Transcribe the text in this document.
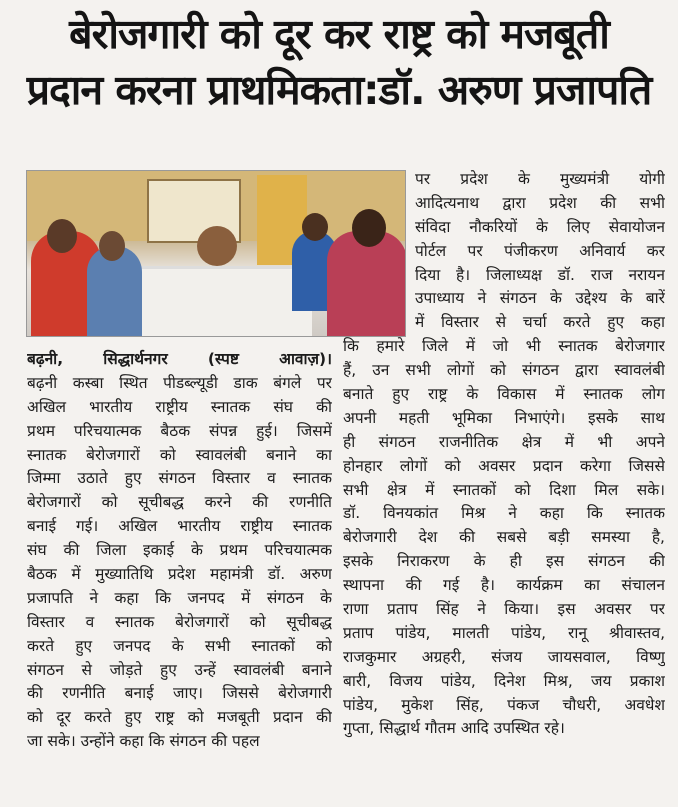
बेरोजगारी को दूर कर राष्ट्र को मजबूती
प्रदान करना प्राथमिकता:डॉ. अरुण प्रजापति
बढ़नी, सिद्धार्थनगर (स्पष्ट आवाज़)।
बढ़नी कस्बा स्थित पीडब्ल्यूडी डाक बंगले पर
अखिल भारतीय राष्ट्रीय स्नातक संघ की
प्रथम परिचयात्मक बैठक संपन्न हुई। जिसमें
स्नातक बेरोजगारों को स्वावलंबी बनाने का
जिम्मा उठाते हुए संगठन विस्तार व स्नातक
बेरोजगारों को सूचीबद्ध करने की रणनीति
बनाई गई। अखिल भारतीय राष्ट्रीय स्नातक
संघ की जिला इकाई के प्रथम परिचयात्मक
बैठक में मुख्यातिथि प्रदेश महामंत्री डॉ. अरुण
प्रजापति ने कहा कि जनपद में संगठन के
विस्तार व स्नातक बेरोजगारों को सूचीबद्ध
करते हुए जनपद के सभी स्नातकों को
संगठन से जोड़ते हुए उन्हें स्वावलंबी बनाने
की रणनीति बनाई जाए। जिससे बेरोजगारी
को दूर करते हुए राष्ट्र को मजबूती प्रदान की
जा सके। उन्होंने कहा कि संगठन की पहल
पर प्रदेश के मुख्यमंत्री योगी
आदित्यनाथ द्वारा प्रदेश की सभी
संविदा नौकरियों के लिए सेवायोजन
पोर्टल पर पंजीकरण अनिवार्य कर
दिया है। जिलाध्यक्ष डॉ. राज नरायन
उपाध्याय ने संगठन के उद्देश्य के बारें
में विस्तार से चर्चा करते हुए कहा
कि हमारे जिले में जो भी स्नातक बेरोजगार
हैं, उन सभी लोगों को संगठन द्वारा स्वावलंबी
बनाते हुए राष्ट्र के विकास में स्नातक लोग
अपनी महती भूमिका निभाएंगे। इसके साथ
ही संगठन राजनीतिक क्षेत्र में भी अपने
होनहार लोगों को अवसर प्रदान करेगा जिससे
सभी क्षेत्र में स्नातकों को दिशा मिल सके।
डॉ. विनयकांत मिश्र ने कहा कि स्नातक
बेरोजगारी देश की सबसे बड़ी समस्या है,
इसके निराकरण के ही इस संगठन की
स्थापना की गई है। कार्यक्रम का संचालन
राणा प्रताप सिंह ने किया। इस अवसर पर
प्रताप पांडेय, मालती पांडेय, रानू श्रीवास्तव,
राजकुमार अग्रहरी, संजय जायसवाल, विष्णु
बारी, विजय पांडेय, दिनेश मिश्र, जय प्रकाश
पांडेय, मुकेश सिंह, पंकज चौधरी, अवधेश
गुप्ता, सिद्धार्थ गौतम आदि उपस्थित रहे।
